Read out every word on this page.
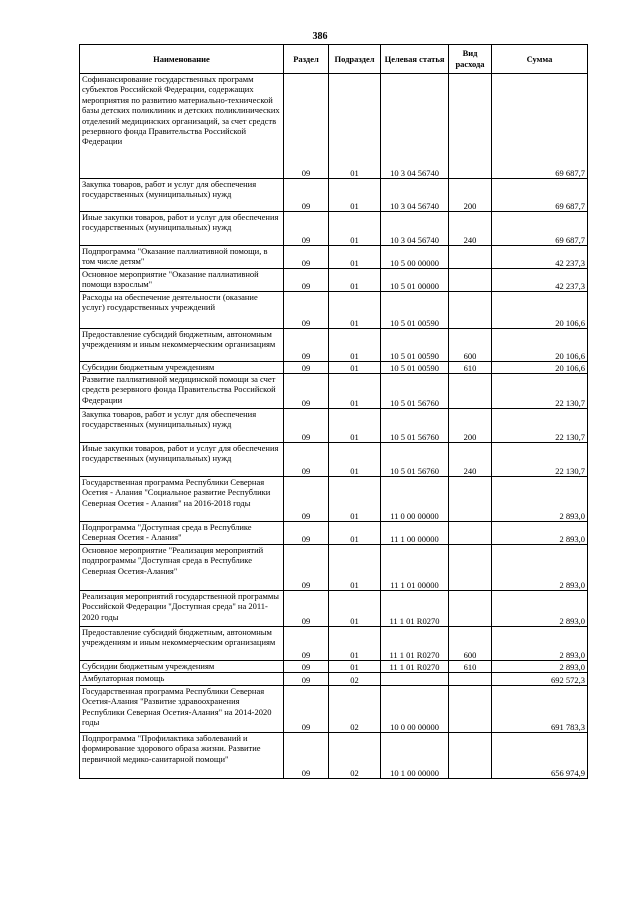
386
Наименование	Раздел	Подраздел	Целевая статья	Вид расхода	Сумма
Софинансирование государственных программ субъектов Российской Федерации, содержащих мероприятия по развитию материально-технической базы детских поликлиник и детских поликлинических отделений медицинских организаций, за счет средств резервного фонда Правительства Российской Федерации	09	01	10 3 04 56740		69 687,7
Закупка товаров, работ и услуг для обеспечения государственных (муниципальных) нужд	09	01	10 3 04 56740	200	69 687,7
Иные закупки товаров, работ и услуг для обеспечения государственных (муниципальных) нужд	09	01	10 3 04 56740	240	69 687,7
Подпрограмма "Оказание паллиативной помощи, в том числе детям"	09	01	10 5 00 00000		42 237,3
Основное мероприятие "Оказание паллиативной помощи взрослым"	09	01	10 5 01 00000		42 237,3
Расходы на обеспечение деятельности (оказание услуг) государственных учреждений	09	01	10 5 01 00590		20 106,6
Предоставление субсидий бюджетным, автономным учреждениям и иным некоммерческим организациям	09	01	10 5 01 00590	600	20 106,6
Субсидии бюджетным учреждениям	09	01	10 5 01 00590	610	20 106,6
Развитие паллиативной медицинской помощи за счет средств резервного фонда Правительства Российской Федерации	09	01	10 5 01 56760		22 130,7
Закупка товаров, работ и услуг для обеспечения государственных (муниципальных) нужд	09	01	10 5 01 56760	200	22 130,7
Иные закупки товаров, работ и услуг для обеспечения государственных (муниципальных) нужд	09	01	10 5 01 56760	240	22 130,7
Государственная программа Республики Северная Осетия - Алания "Социальное развитие Республики Северная Осетия - Алания" на 2016-2018 годы	09	01	11 0 00 00000		2 893,0
Подпрограмма "Доступная среда в Республике Северная Осетия - Алания"	09	01	11 1 00 00000		2 893,0
Основное мероприятие "Реализация мероприятий подпрограммы "Доступная среда в Республике Северная Осетия-Алания"	09	01	11 1 01 00000		2 893,0
Реализация мероприятий государственной программы Российской Федерации "Доступная среда" на 2011-2020 годы	09	01	11 1 01 R0270		2 893,0
Предоставление субсидий бюджетным, автономным учреждениям и иным некоммерческим организациям	09	01	11 1 01 R0270	600	2 893,0
Субсидии бюджетным учреждениям	09	01	11 1 01 R0270	610	2 893,0
Амбулаторная помощь	09	02			692 572,3
Государственная программа Республики Северная Осетия-Алания "Развитие здравоохранения Республики Северная Осетия-Алания" на 2014-2020 годы	09	02	10 0 00 00000		691 783,3
Подпрограмма "Профилактика заболеваний и формирование здорового образа жизни. Развитие первичной медико-санитарной помощи"	09	02	10 1 00 00000		656 974,9
